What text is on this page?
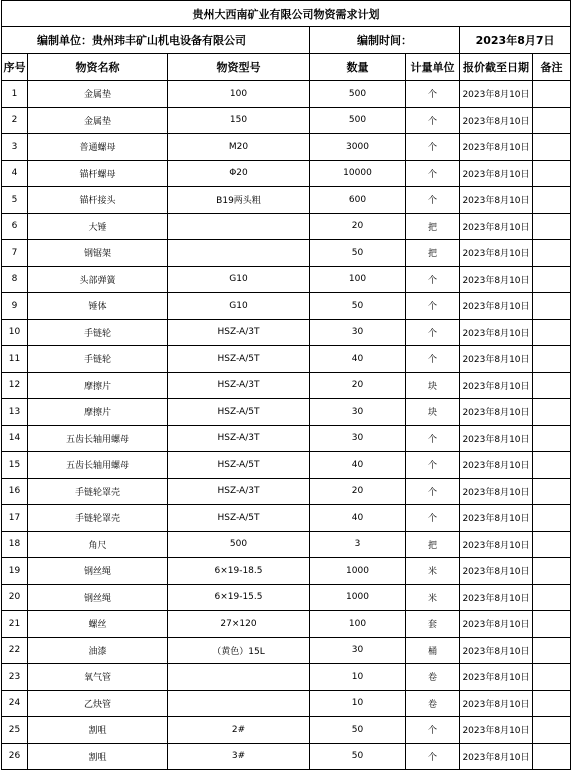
贵州大西南矿业有限公司物资需求计划						
编制单位：贵州玮丰矿山机电设备有限公司			编制时间：		2023年8月7日	
序号	物资名称	物资型号	数量	计量单位	报价截至日期	备注
1	金属垫	100	500	个	2023年8月10日	
2	金属垫	150	500	个	2023年8月10日	
3	普通螺母	M20	3000	个	2023年8月10日	
4	锚杆螺母	Φ20	10000	个	2023年8月10日	
5	锚杆接头	B19两头粗	600	个	2023年8月10日	
6	大锤		20	把	2023年8月10日	
7	钢锯架		50	把	2023年8月10日	
8	头部弹簧	G10	100	个	2023年8月10日	
9	锤体	G10	50	个	2023年8月10日	
10	手链轮	HSZ-A/3T	30	个	2023年8月10日	
11	手链轮	HSZ-A/5T	40	个	2023年8月10日	
12	摩擦片	HSZ-A/3T	20	块	2023年8月10日	
13	摩擦片	HSZ-A/5T	30	块	2023年8月10日	
14	五齿长轴用螺母	HSZ-A/3T	30	个	2023年8月10日	
15	五齿长轴用螺母	HSZ-A/5T	40	个	2023年8月10日	
16	手链轮罩壳	HSZ-A/3T	20	个	2023年8月10日	
17	手链轮罩壳	HSZ-A/5T	40	个	2023年8月10日	
18	角尺	500	3	把	2023年8月10日	
19	钢丝绳	6×19-18.5	1000	米	2023年8月10日	
20	钢丝绳	6×19-15.5	1000	米	2023年8月10日	
21	螺丝	27×120	100	套	2023年8月10日	
22	油漆	（黄色）15L	30	桶	2023年8月10日	
23	氧气管		10	卷	2023年8月10日	
24	乙炔管		10	卷	2023年8月10日	
25	割咀	2#	50	个	2023年8月10日	
26	割咀	3#	50	个	2023年8月10日	
